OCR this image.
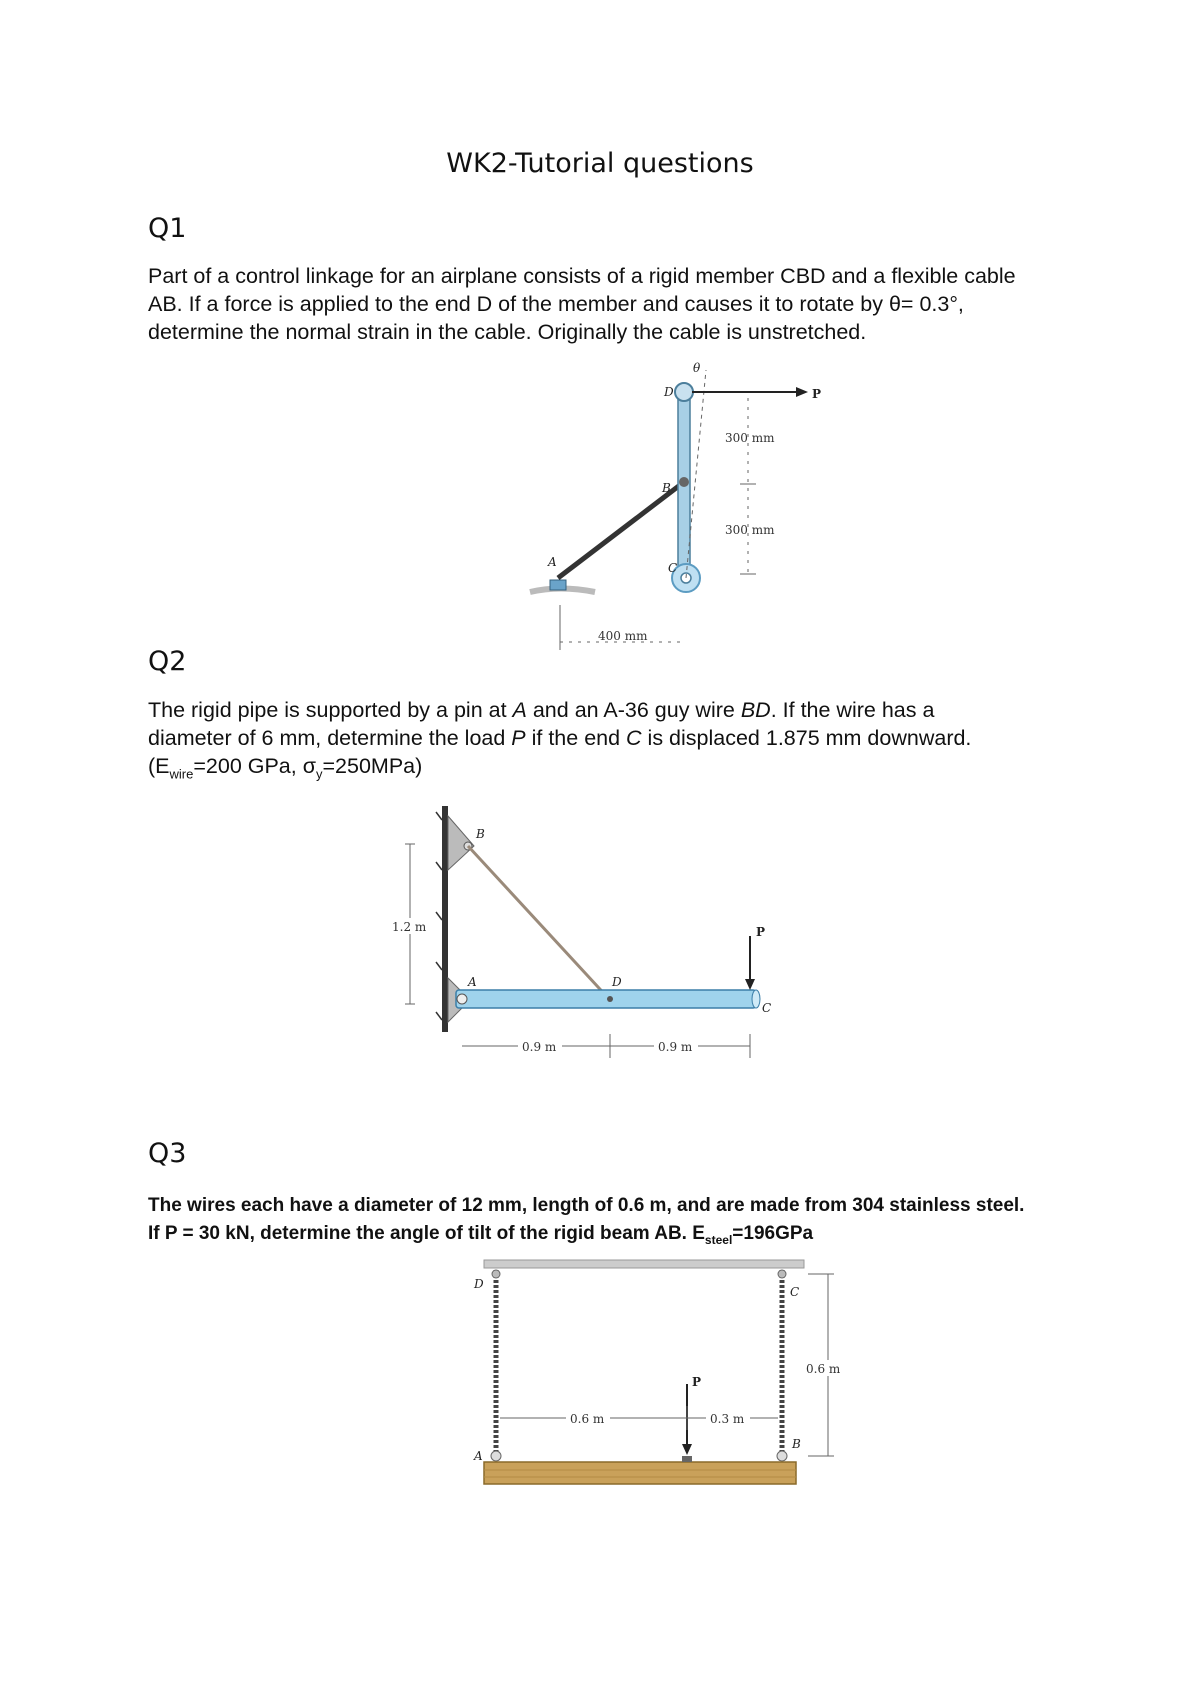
WK2-Tutorial questions
Q1
Part of a control linkage for an airplane consists of a rigid member CBD and a flexible cable
AB. If a force is applied to the end D of the member and causes it to rotate by θ= 0.3°,
determine the normal strain in the cable. Originally the cable is unstretched.
300 mm
300 mm
400 mm
θ
D
B
C
A
P
1.2 m
0.9 m	0.9 m
B
A	D
C
P
0.6 m
0.6 m	0.3 m
D
C
A
B
P
Q2
The rigid pipe is supported by a pin at A and an A-36 guy wire BD. If the wire has a
diameter of 6 mm, determine the load P if the end C is displaced 1.875 mm downward.
($E_{wire}=200$ GPa, $\sigma_y=250MPa$)
Q3
The wires each have a diameter of 12 mm, length of 0.6 m, and are made from 304 stainless steel.
If P = 30 kN, determine the angle of tilt of the rigid beam AB. $E_{steel}=196GPa$
